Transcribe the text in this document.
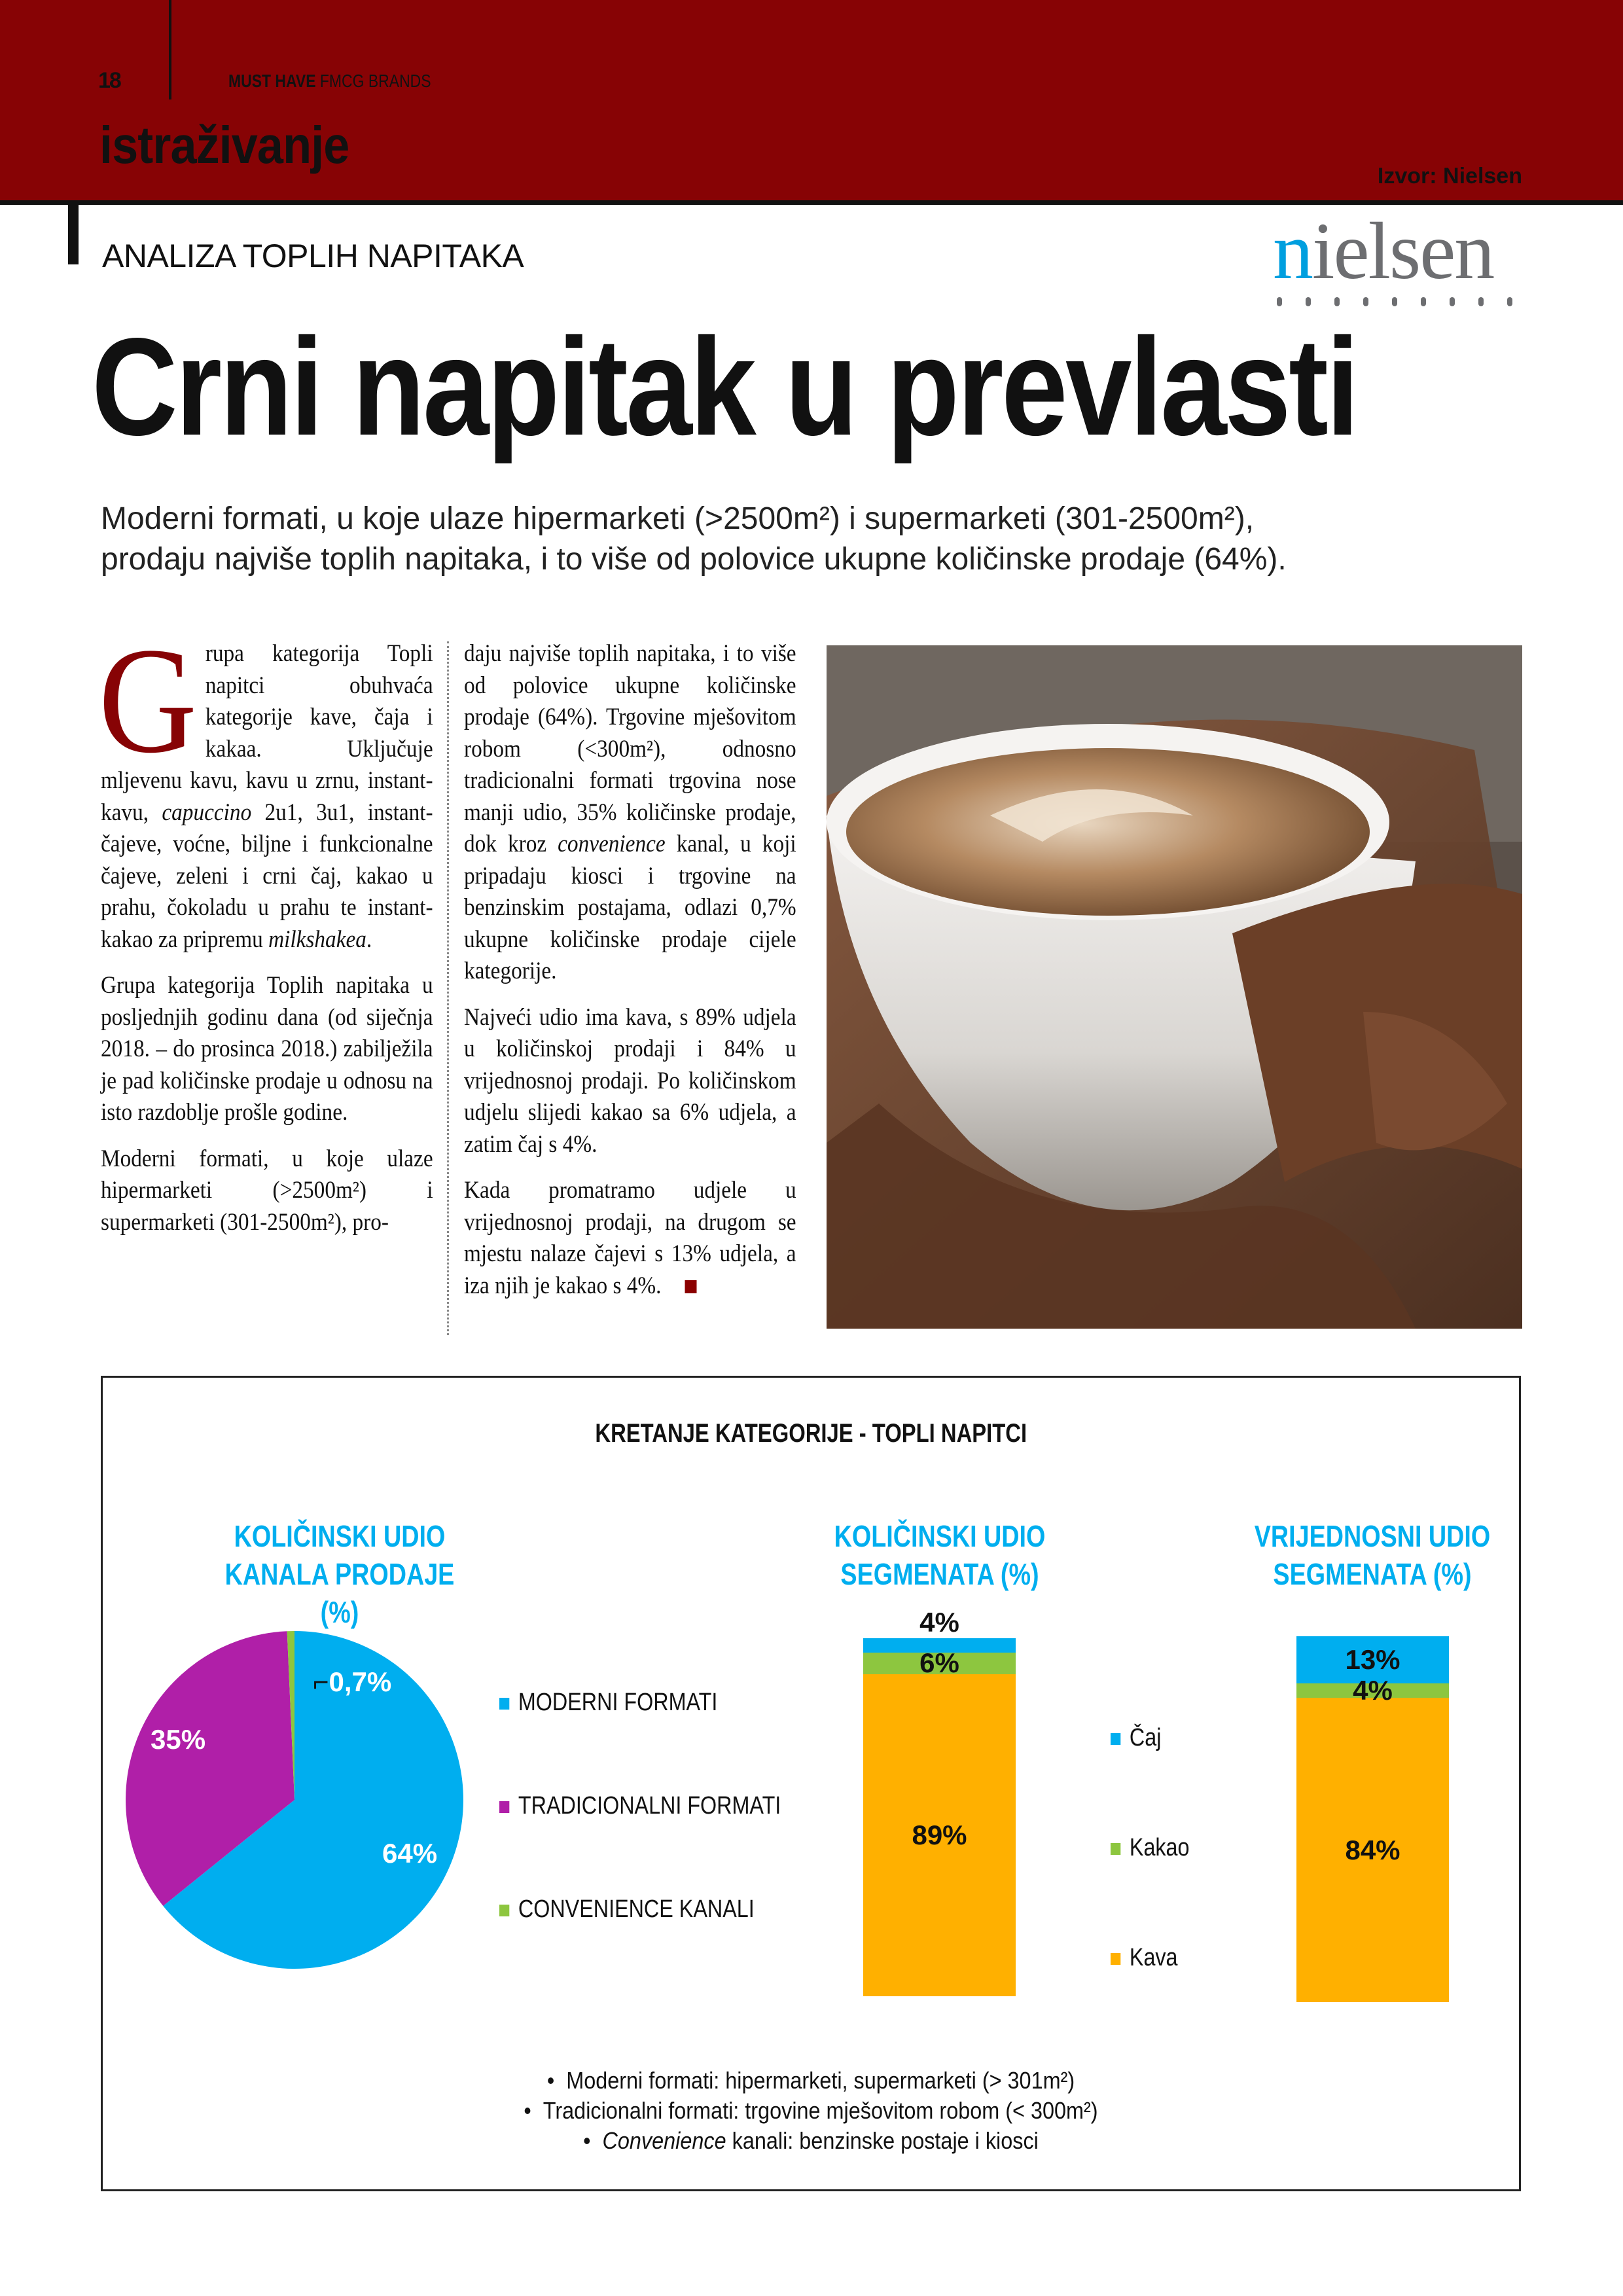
18	MUST HAVE FMCG BRANDS
istraživanje
Izvor: Nielsen
ANALIZA TOPLIH NAPITAKA	nielsen
Crni napitak u prevlasti
Moderni formati, u koje ulaze hipermarketi (>2500m²) i supermarketi (301-2500m²),
prodaju najviše toplih napitaka, i to više od polovice ukupne količinske prodaje (64%).

Grupa kategorija Topli napitci obuhvaća kategorije kave, čaja i kakaa. Uključuje mljevenu kavu, kavu u zrnu, instant-kavu, capuccino 2u1, 3u1, instant-čajeve, voćne, biljne i funkcionalne čajeve, zeleni i crni čaj, kakao u prahu, čokoladu u prahu te instant-kakao za pripremu milkshakea.

Grupa kategorija Toplih napitaka u posljednjih godinu dana (od siječnja 2018. – do prosinca 2018.) zabilježila je pad količinske prodaje u odnosu na isto razdoblje prošle godine.

Moderni formati, u koje ulaze hipermarketi (>2500m²) i supermarketi (301-2500m²), pro-

daju najviše toplih napitaka, i to više od polovice ukupne količinske prodaje (64%). Trgovine mješovitom robom (<300m²), odnosno tradicionalni formati trgovina nose manji udio, 35% količinske prodaje, dok kroz convenience kanal, u koji pripadaju kiosci i trgovine na benzinskim postajama, odlazi 0,7% ukupne količinske prodaje cijele kategorije.

Najveći udio ima kava, s 89% udjela u količinskoj prodaji i 84% u vrijednosnoj prodaji. Po količinskom udjelu slijedi kakao sa 6% udjela, a zatim čaj s 4%.

Kada promatramo udjele u vrijednosnoj prodaji, na drugom se mjestu nalaze čajevi s 13% udjela, a iza njih je kakao s 4%.

KRETANJE KATEGORIJE - TOPLI NAPITCI
KOLIČINSKI UDIO
KANALA PRODAJE (%)
35%
64%
⌐0,7%
MODERNI FORMATI
TRADICIONALNI FORMATI
CONVENIENCE KANALI
KOLIČINSKI UDIO
SEGMENATA (%)
VRIJEDNOSNI UDIO
SEGMENATA (%)
4%
6%
89%
13%
4%
84%
Čaj
Kakao
Kava
• Moderni formati: hipermarketi, supermarketi (> 301m²)
• Tradicionalni formati: trgovine mješovitom robom (< 300m²)
• Convenience kanali: benzinske postaje i kiosci
